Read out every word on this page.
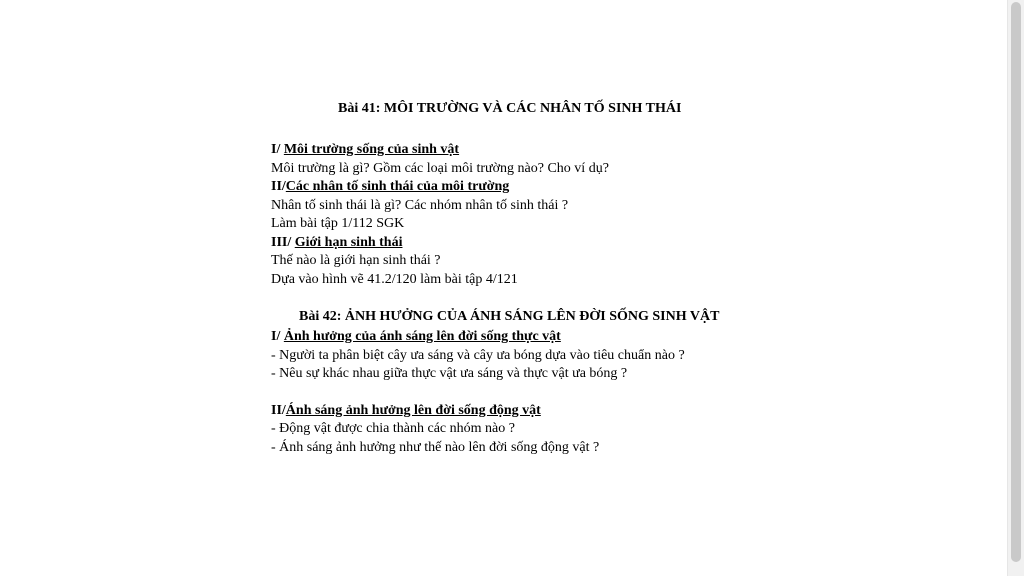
Bài 41: MÔI TRƯỜNG VÀ CÁC NHÂN TỐ SINH THÁI

I/ Môi trường sống của sinh vật

Môi trường là gì? Gồm các loại môi trường nào? Cho ví dụ?

II/Các nhân tố sinh thái của môi trường

Nhân tố sinh thái là gì? Các nhóm nhân tố sinh thái ?

Làm bài tập 1/112 SGK

III/ Giới hạn sinh thái

Thế nào là giới hạn sinh thái ?

Dựa vào hình vẽ 41.2/120 làm bài tập 4/121

Bài 42: ẢNH HƯỞNG CỦA ÁNH SÁNG LÊN ĐỜI SỐNG SINH VẬT

I/ Ảnh hưởng của ánh sáng lên đời sống thực vật

- Người ta phân biệt cây ưa sáng và cây ưa bóng dựa vào tiêu chuẩn nào ?

- Nêu sự khác nhau giữa thực vật ưa sáng và thực vật ưa bóng ?

II/Ánh sáng ảnh hưởng lên đời sống động vật

- Động vật được chia thành các nhóm nào ?

- Ánh sáng ảnh hưởng như thế nào lên đời sống động vật ?
